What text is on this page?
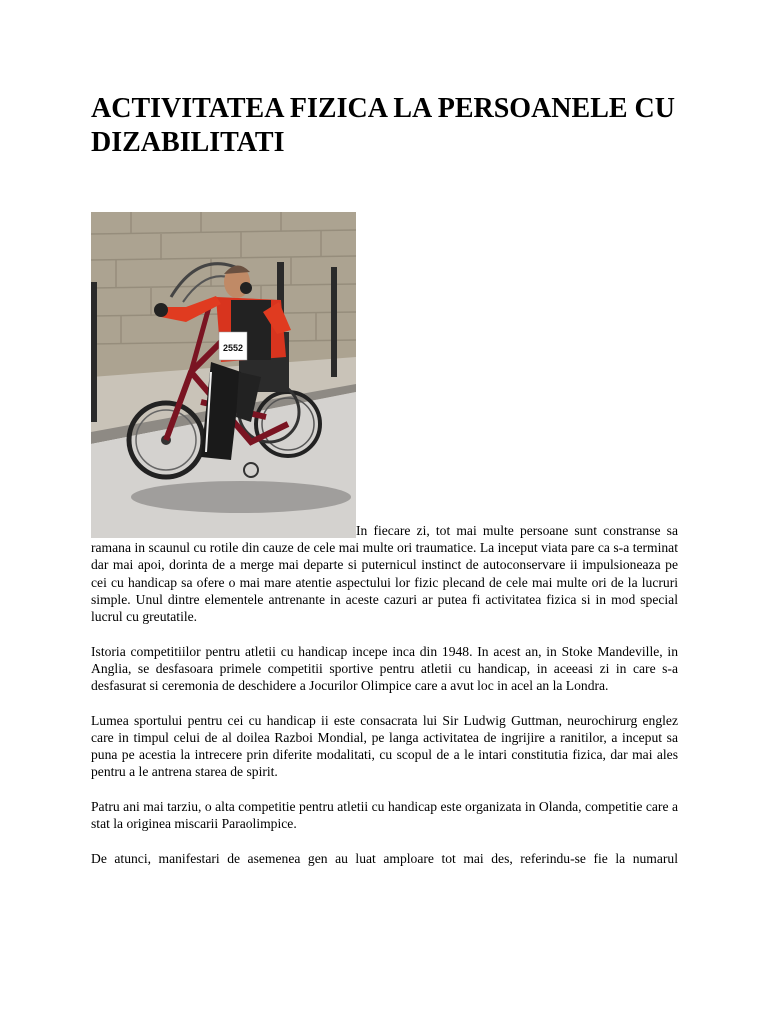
ACTIVITATEA FIZICA LA PERSOANELE CU DIZABILITATI
2552

In fiecare zi, tot mai multe persoane sunt constranse sa ramana in scaunul cu rotile din cauze de cele mai multe ori traumatice. La inceput viata pare ca s-a terminat dar mai apoi, dorinta de a merge mai departe si puternicul instinct de autoconservare ii impulsioneaza pe cei cu handicap sa ofere o mai mare atentie aspectului lor fizic plecand de cele mai multe ori de la lucruri simple. Unul dintre elementele antrenante in aceste cazuri ar putea fi activitatea fizica si in mod special lucrul cu greutatile.

Istoria competitiilor pentru atletii cu handicap incepe inca din 1948. In acest an, in Stoke Mandeville, in Anglia, se desfasoara primele competitii sportive pentru atletii cu handicap, in aceeasi zi in care s-a desfasurat si ceremonia de deschidere a Jocurilor Olimpice care a avut loc in acel an la Londra.

Lumea sportului pentru cei cu handicap ii este consacrata lui Sir Ludwig Guttman, neurochirurg englez care in timpul celui de al doilea Razboi Mondial, pe langa activitatea de ingrijire a ranitilor, a inceput sa puna pe acestia la intrecere prin diferite modalitati, cu scopul de a le intari constitutia fizica, dar mai ales pentru a le antrena starea de spirit.

Patru ani mai tarziu, o alta competitie pentru atletii cu handicap este organizata in Olanda, competitie care a stat la originea miscarii Paraolimpice.

De atunci, manifestari de asemenea gen au luat amploare tot mai des, referindu-se fie la numarul
